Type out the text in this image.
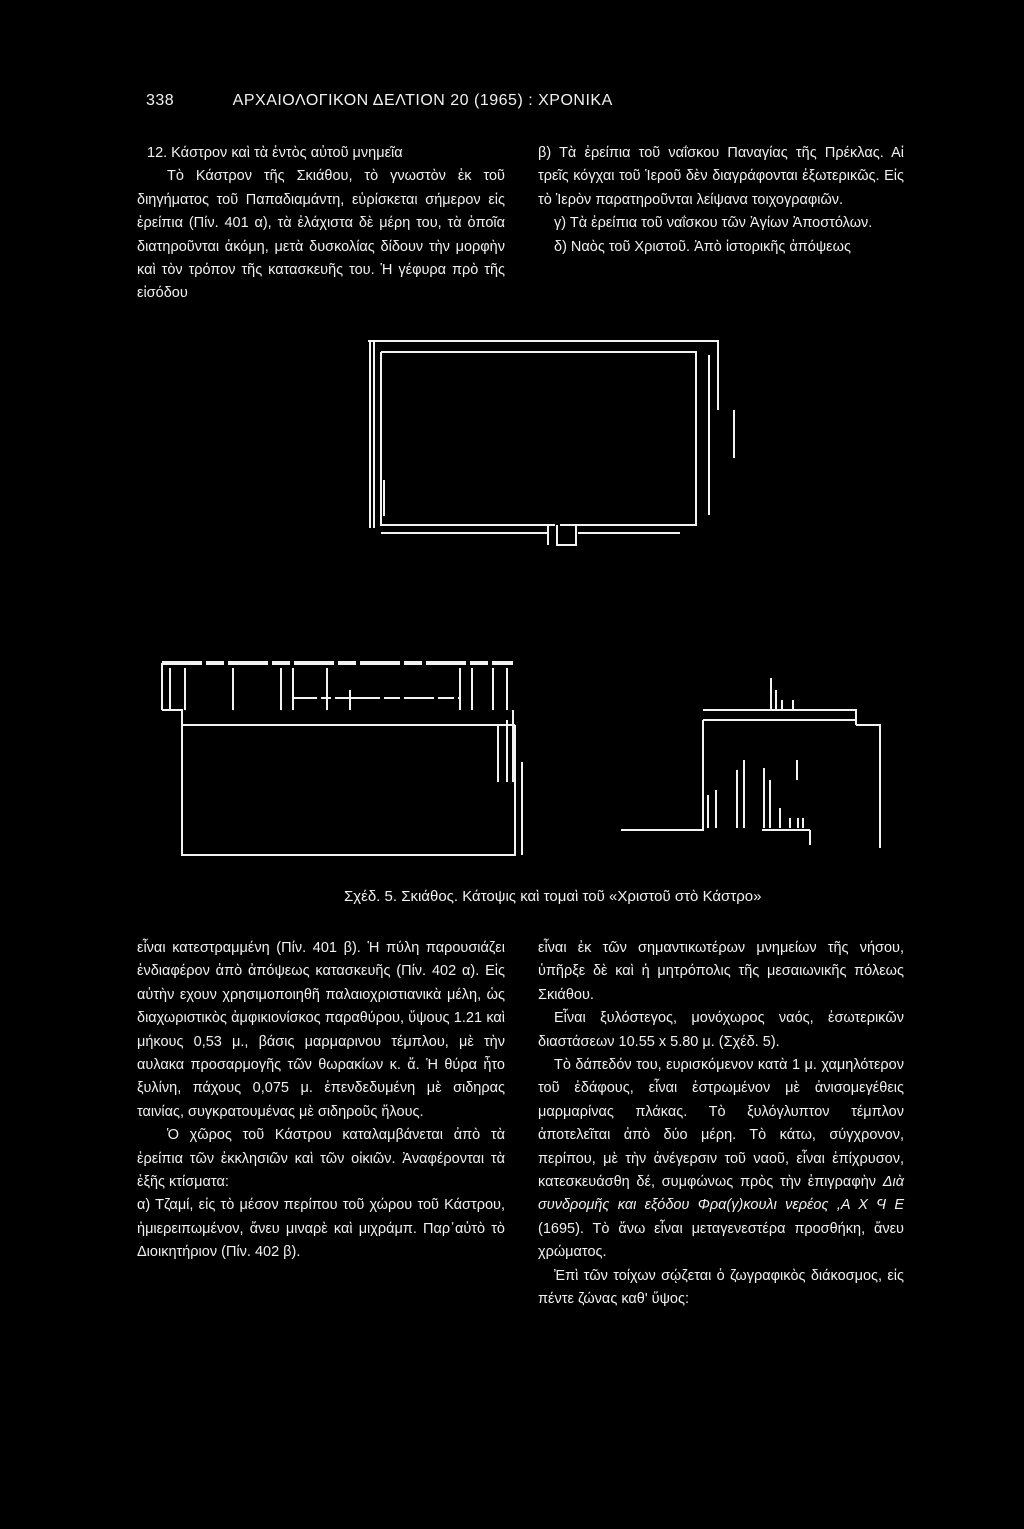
338	ΑΡΧΑΙΟΛΟΓΙΚΟΝ ΔΕΛΤΙΟΝ 20 (1965) : ΧΡΟΝΙΚΑ

12. Κάστρον καὶ τὰ ἐντὸς αὐτοῦ μνημεῖα

Τὸ Κάστρον τῆς Σκιάθου, τὸ γνωστὸν ἐκ τοῦ διηγήματος τοῦ Παπαδιαμάντη, εὑρίσκεται σήμερον εἰς ἐρείπια (Πίν. 401 α), τὰ ἐλάχιστα δὲ μέρη του, τὰ ὁποῖα διατηροῦνται ἀκόμη, μετὰ δυσκολίας δίδουν τὴν μορφὴν καὶ τὸν τρόπον τῆς κατασκευῆς του. Ἡ γέφυρα πρὸ τῆς εἰσόδου

β) Τὰ ἐρείπια τοῦ ναΐσκου Παναγίας τῆς Πρέκλας. Αἱ τρεῖς κόγχαι τοῦ Ἱεροῦ δὲν διαγράφονται ἐξωτερικῶς. Εἰς τὸ Ἱερὸν παρατηροῦνται λείψανα τοιχογραφιῶν.

γ) Τὰ ἐρείπια τοῦ ναΐσκου τῶν Ἁγίων Ἀποστόλων.

δ) Ναὸς τοῦ Χριστοῦ. Ἀπὸ ἱστορικῆς ἀπόψεως

Σχέδ. 5. Σκιάθος. Κάτοψις καὶ τομαὶ τοῦ «Χριστοῦ στὸ Κάστρο»

εἶναι κατεστραμμένη (Πίν. 401 β). Ἡ πύλη παρουσιάζει ἐνδιαφέρον ἀπὸ ἀπόψεως κατασκευῆς (Πίν. 402 α). Εἰς αὐτὴν εχουν χρησιμοποιηθῆ παλαιοχριστιανικὰ μέλη, ὡς διαχωριστικὸς ἀμφικιονίσκος παραθύρου, ὕψους 1.21 καὶ μήκους 0,53 μ., βάσις μαρμαρινου τέμπλου, μὲ τὴν αυλακα προσαρμογῆς τῶν θωρακίων κ. ἄ. Ἡ θύρα ἦτο ξυλίνη, πάχους 0,075 μ. ἐπενδεδυμένη μὲ σιδηρας ταινίας, συγκρατουμένας μὲ σιδηροῦς ἥλους.

Ὁ χῶρος τοῦ Κάστρου καταλαμβάνεται ἀπὸ τὰ ἐρείπια τῶν ἐκκλησιῶν καὶ τῶν οἰκιῶν. Ἀναφέρονται τὰ ἑξῆς κτίσματα:

α) Τζαμί, εἰς τὸ μέσον περίπου τοῦ χώρου τοῦ Κάστρου, ἡμιερειπωμένον, ἄνευ μιναρὲ καὶ μιχράμπ. Παρ᾽αὐτὸ τὸ Διοικητήριον (Πίν. 402 β).

εἶναι ἐκ τῶν σημαντικωτέρων μνημείων τῆς νήσου, ὑπῆρξε δὲ καὶ ἡ μητρόπολις τῆς μεσαιωνικῆς πόλεως Σκιάθου.

Εἶναι ξυλόστεγος, μονόχωρος ναός, ἐσωτερικῶν διαστάσεων 10.55 x 5.80 μ. (Σχέδ. 5).

Τὸ δάπεδόν του, ευρισκόμενον κατὰ 1 μ. χαμηλότερον τοῦ ἐδάφους, εἶναι ἐστρωμένον μὲ ἀνισομεγέθεις μαρμαρίνας πλάκας. Τὸ ξυλόγλυπτον τέμπλον ἀποτελεῖται ἀπὸ δύο μέρη. Τὸ κάτω, σύγχρονον, περίπου, μὲ τὴν ἀνέγερσιν τοῦ ναοῦ, εἶναι ἐπίχρυσον, κατεσκευάσθη δέ, συμφώνως πρὸς τὴν ἐπιγραφὴν Διὰ συνδρομῆς και εξόδου Φρα(γ)κουλι νερέος ,Α Χ Ϥ Ε (1695). Τὸ ἄνω εἶναι μεταγενεστέρα προσθήκη, ἄνευ χρώματος.

Ἐπὶ τῶν τοίχων σῴζεται ὁ ζωγραφικὸς διάκοσμος, εἰς πέντε ζώνας καθ' ὕψος:
